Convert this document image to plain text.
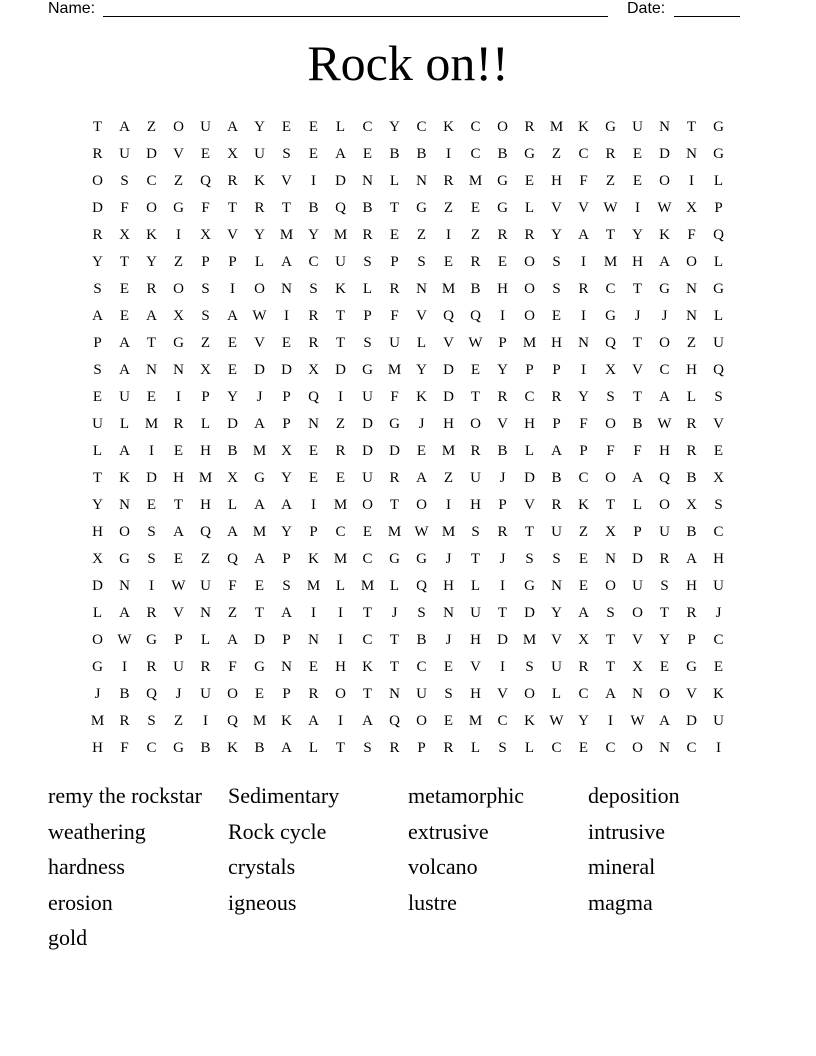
Name:	Date:
Rock on!!
T	A	Z	O	U	A	Y	E	E	L	C	Y	C	K	C	O	R	M K	G	U	N	T	G
R	U	D	V	E	X	U	S	E	A	E	B	B	I	C	B	G	Z	C	R	E	D	N	G
O	S	C	Z	Q	R	K	V	I	D	N	L	N	R	M G	E	H	F	Z	E	O	I	L
D	F	O	G	F	T	R	T	B	Q	B	T	G	Z	E	G	L	V	V W	I	W X	P
R	X	K	I	X	V	Y M Y M	R	E	Z	I	Z	R	R	Y	A	T	Y	K	F	Q
Y	T	Y	Z	P	P	L	A	C	U	S	P	S	E	R	E	O	S	I	M H	A	O	L
S	E	R	O	S	I	O	N	S	K	L	R	N M	B	H	O	S	R	C	T	G	N	G
A	E	A	X	S	A W	I	R	T	P	F	V	Q	Q	I	O	E	I	G	J	J	N	L
P	A	T	G	Z	E	V	E	R	T	S	U	L	V W	P	M H	N	Q	T	O	Z	U
S	A	N	N	X	E	D	D	X	D	G M Y	D	E	Y	P	P	I	X	V	C	H	Q
E	U	E	I	P	Y	J	P	Q	I	U	F	K	D	T	R	C	R	Y	S	T	A	L	S
U	L	M	R	L	D	A	P	N	Z	D	G	J	H	O	V	H	P	F	O	B W R	V
L	A	I	E	H	B	M X	E	R	D	D	E	M	R	B	L	A	P	F	F	H	R	E
T	K	D	H M X	G	Y	E	E	U	R	A	Z	U	J	D	B	C	O	A	Q	B	X
Y	N	E	T	H	L	A	A	I	M O	T	O	I	H	P	V	R	K	T	L	O	X	S
H	O	S	A	Q	A M Y	P	C	E	M W M	S	R	T	U	Z	X	P	U	B	C
X	G	S	E	Z	Q	A	P	K M	C	G	G	J	T	J	S	S	E	N	D	R	A	H
D	N	I	W U	F	E	S	M	L	M	L	Q	H	L	I	G	N	E	O	U	S	H	U
L	A	R	V	N	Z	T	A	I	I	T	J	S	N	U	T	D	Y	A	S	O	T	R	J
O W G	P	L	A	D	P	N	I	C	T	B	J	H	D M V	X	T	V	Y	P	C
G	I	R	U	R	F	G	N	E	H	K	T	C	E	V	I	S	U	R	T	X	E	G	E
J	B	Q	J	U	O	E	P	R	O	T	N	U	S	H	V	O	L	C	A	N	O	V	K
M	R	S	Z	I	Q M K	A	I	A	Q	O	E	M	C	K W Y	I	W A	D	U
H	F	C	G	B	K	B	A	L	T	S	R	P	R	L	S	L	C	E	C	O	N	C	I
remy the rockstar	Sedimentary	metamorphic	deposition
weathering	Rock cycle	extrusive	intrusive
hardness	crystals	volcano	mineral
erosion	igneous	lustre	magma
gold
